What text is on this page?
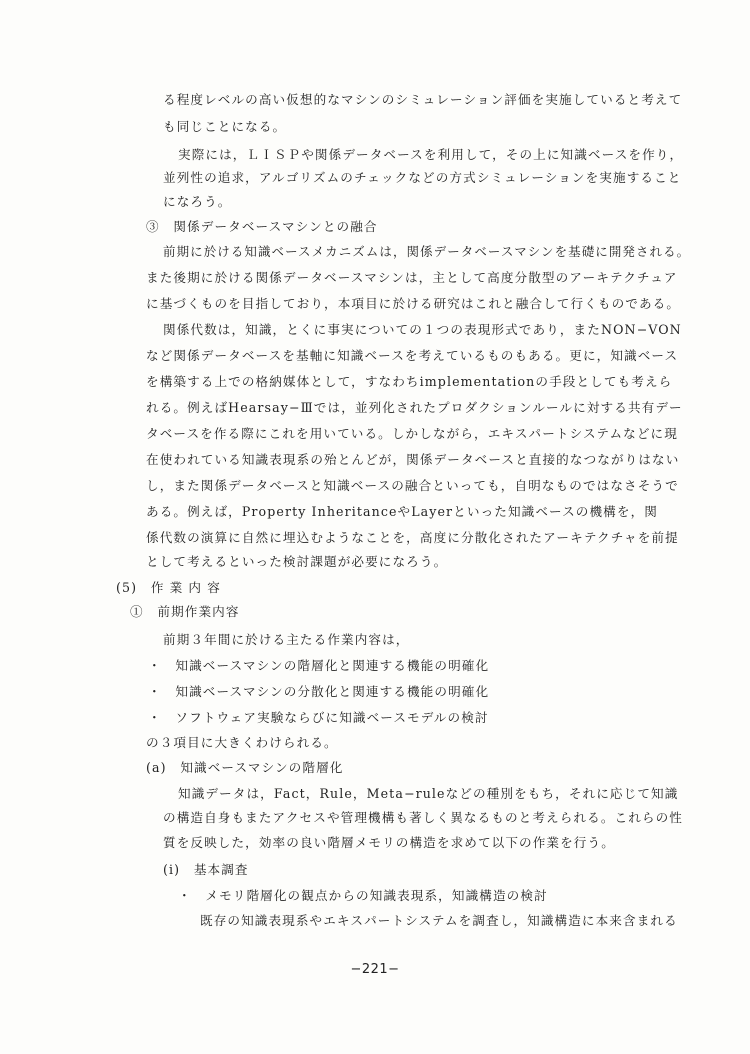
る程度レベルの高い仮想的なマシンのシミュレーション評価を実施していると考えて
も同じことになる。
実際には，ＬＩＳＰや関係データベースを利用して，その上に知識ベースを作り，
並列性の追求，アルゴリズムのチェックなどの方式シミュレーションを実施すること
になろう。
③　関係データベースマシンとの融合
前期に於ける知識ベースメカニズムは，関係データベースマシンを基礎に開発される。
また後期に於ける関係データベースマシンは，主として高度分散型のアーキテクチュア
に基づくものを目指しており，本項目に於ける研究はこれと融合して行くものである。
関係代数は，知識，とくに事実についての１つの表現形式であり，またNON−VON
など関係データベースを基軸に知識ベースを考えているものもある。更に，知識ベース
を構築する上での格納媒体として，すなわちimplementationの手段としても考えら
れる。例えばHearsay−Ⅲでは，並列化されたプロダクションルールに対する共有デー
タベースを作る際にこれを用いている。しかしながら，エキスパートシステムなどに現
在使われている知識表現系の殆とんどが，関係データベースと直接的なつながりはない
し，また関係データベースと知識ベースの融合といっても，自明なものではなさそうで
ある。例えば，Property InheritanceやLayerといった知識ベースの機構を，関
係代数の演算に自然に埋込むようなことを，高度に分散化されたアーキテクチャを前提
として考えるといった検討課題が必要になろう。
(5)　作 業 内 容
①　前期作業内容
前期３年間に於ける主たる作業内容は，
・　知識ベースマシンの階層化と関連する機能の明確化
・　知識ベースマシンの分散化と関連する機能の明確化
・　ソフトウェア実験ならびに知識ベースモデルの検討
の３項目に大きくわけられる。
(a)　知識ベースマシンの階層化
知識データは，Fact，Rule，Meta−ruleなどの種別をもち，それに応じて知識
の構造自身もまたアクセスや管理機構も著しく異なるものと考えられる。これらの性
質を反映した，効率の良い階層メモリの構造を求めて以下の作業を行う。
(i)　基本調査
・　メモリ階層化の観点からの知識表現系，知識構造の検討
既存の知識表現系やエキスパートシステムを調査し，知識構造に本来含まれる
−221−
